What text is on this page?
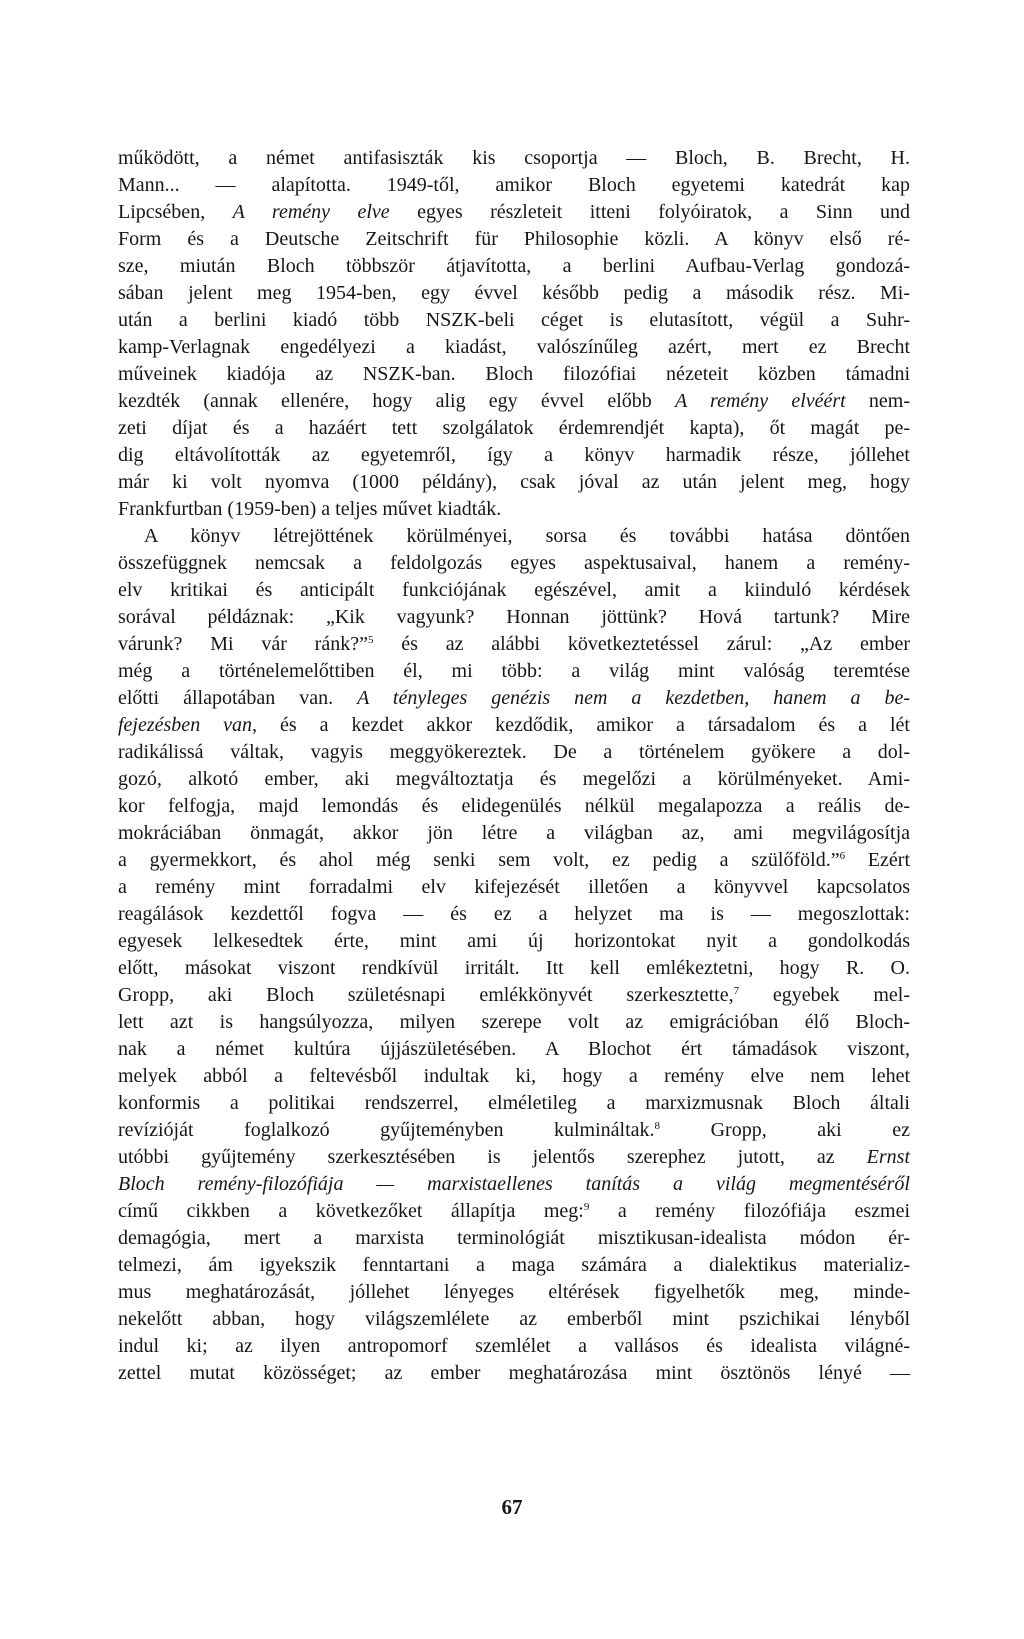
működött, a német antifasiszták kis csoportja — Bloch, B. Brecht, H.
Mann... — alapította. 1949-től, amikor Bloch egyetemi katedrát kap
Lipcsében, A remény elve egyes részleteit itteni folyóiratok, a Sinn und
Form és a Deutsche Zeitschrift für Philosophie közli. A könyv első ré-
sze, miután Bloch többször átjavította, a berlini Aufbau-Verlag gondozá-
sában jelent meg 1954-ben, egy évvel később pedig a második rész. Mi-
után a berlini kiadó több NSZK-beli céget is elutasított, végül a Suhr-
kamp-Verlagnak engedélyezi a kiadást, valószínűleg azért, mert ez Brecht
műveinek kiadója az NSZK-ban. Bloch filozófiai nézeteit közben támadni
kezdték (annak ellenére, hogy alig egy évvel előbb A remény elvéért nem-
zeti díjat és a hazáért tett szolgálatok érdemrendjét kapta), őt magát pe-
dig eltávolították az egyetemről, így a könyv harmadik része, jóllehet
már ki volt nyomva (1000 példány), csak jóval az után jelent meg, hogy
Frankfurtban (1959-ben) a teljes művet kiadták.
A könyv létrejöttének körülményei, sorsa és további hatása döntően
összefüggnek nemcsak a feldolgozás egyes aspektusaival, hanem a remény-
elv kritikai és anticipált funkciójának egészével, amit a kiinduló kérdések
sorával példáznak: „Kik vagyunk? Honnan jöttünk? Hová tartunk? Mire
várunk? Mi vár ránk?”$^5$ és az alábbi következtetéssel zárul: „Az ember
még a történelemelőttiben él, mi több: a világ mint valóság teremtése
előtti állapotában van. A tényleges genézis nem a kezdetben, hanem a be-
fejezésben van, és a kezdet akkor kezdődik, amikor a társadalom és a lét
radikálissá váltak, vagyis meggyökereztek. De a történelem gyökere a dol-
gozó, alkotó ember, aki megváltoztatja és megelőzi a körülményeket. Ami-
kor felfogja, majd lemondás és elidegenülés nélkül megalapozza a reális de-
mokráciában önmagát, akkor jön létre a világban az, ami megvilágosítja
a gyermekkort, és ahol még senki sem volt, ez pedig a szülőföld.”$^6$ Ezért
a remény mint forradalmi elv kifejezését illetően a könyvvel kapcsolatos
reagálások kezdettől fogva — és ez a helyzet ma is — megoszlottak:
egyesek lelkesedtek érte, mint ami új horizontokat nyit a gondolkodás
előtt, másokat viszont rendkívül irritált. Itt kell emlékeztetni, hogy R. O.
Gropp, aki Bloch születésnapi emlékkönyvét szerkesztette,$^7$ egyebek mel-
lett azt is hangsúlyozza, milyen szerepe volt az emigrációban élő Bloch-
nak a német kultúra újjászületésében. A Blochot ért támadások viszont,
melyek abból a feltevésből indultak ki, hogy a remény elve nem lehet
konformis a politikai rendszerrel, elméletileg a marxizmusnak Bloch általi
revízióját foglalkozó gyűjteményben kulmináltak.$^8$ Gropp, aki ez
utóbbi gyűjtemény szerkesztésében is jelentős szerephez jutott, az Ernst
Bloch remény-filozófiája — marxistaellenes tanítás a világ megmentéséről
című cikkben a következőket állapítja meg:$^9$ a remény filozófiája eszmei
demagógia, mert a marxista terminológiát misztikusan-idealista módon ér-
telmezi, ám igyekszik fenntartani a maga számára a dialektikus materializ-
mus meghatározását, jóllehet lényeges eltérések figyelhetők meg, minde-
nekelőtt abban, hogy világszemlélete az emberből mint pszichikai lényből
indul ki; az ilyen antropomorf szemlélet a vallásos és idealista világné-
zettel mutat közösséget; az ember meghatározása mint ösztönös lényé —
67
